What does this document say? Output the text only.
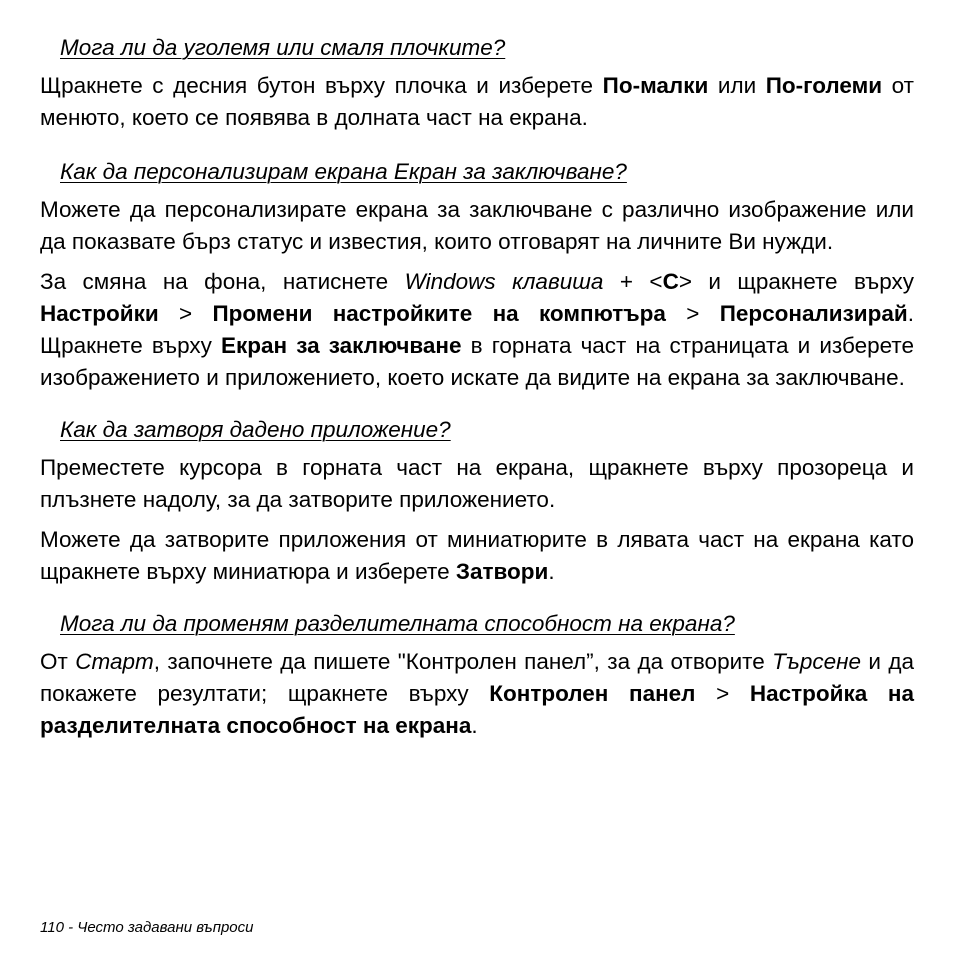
Мога ли да уголемя или смаля плочките?

Щракнете с десния бутон върху плочка и изберете По-малки или По-големи от менюто, което се появява в долната част на екрана.

Как да персонализирам екрана Екран за заключване?

Можете да персонализирате екрана за заключване с различно изображение или да показвате бърз статус и известия, които отговарят на личните Ви нужди.

За смяна на фона, натиснете Windows клавиша + <C> и щракнете върху Настройки > Промени настройките на компютъра > Персонализирай. Щракнете върху Екран за заключване в горната част на страницата и изберете изображението и приложението, което искате да видите на екрана за заключване.

Как да затворя дадено приложение?

Преместете курсора в горната част на екрана, щракнете върху прозореца и плъзнете надолу, за да затворите приложението.

Можете да затворите приложения от миниатюрите в лявата част на екрана като щракнете върху миниатюра и изберете Затвори.

Мога ли да променям разделителната способност на екрана?

От Старт, започнете да пишете "Контролен панел”, за да отворите Търсене и да покажете резултати; щракнете върху Контролен панел > Настройка на разделителната способност на екрана.

110 - Често задавани въпроси
